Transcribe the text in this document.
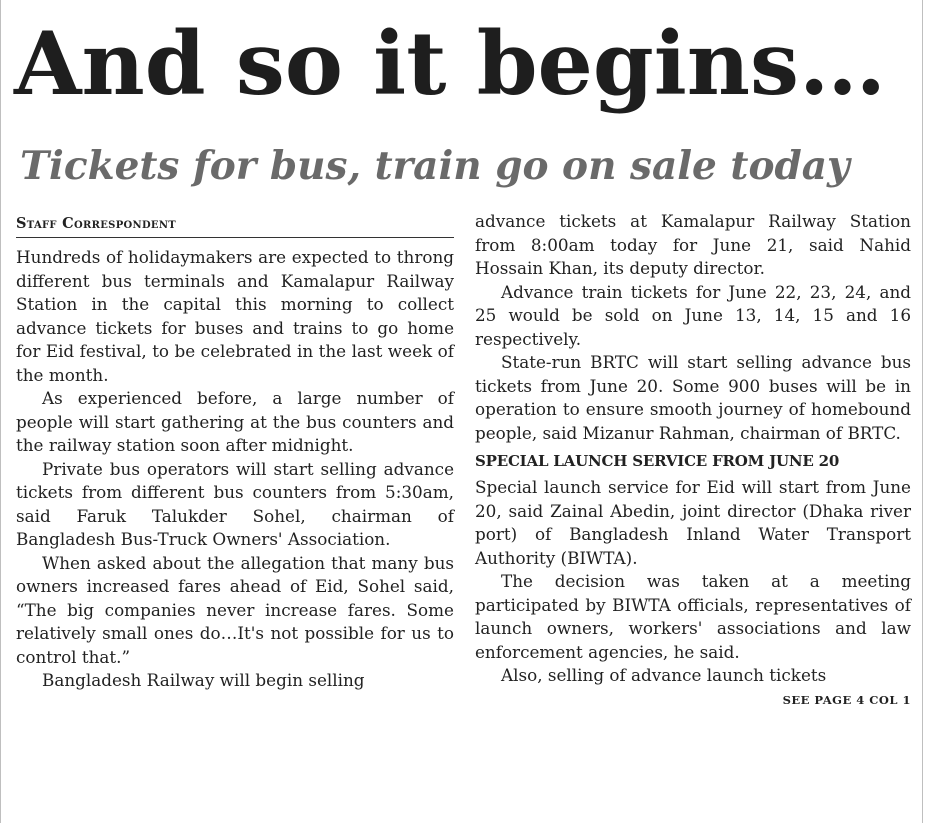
And so it begins…
Tickets for bus, train go on sale today
Staff Correspondent

Hundreds of holidaymakers are expected to throng different bus terminals and Kamalapur Railway Station in the capital this morning to collect advance tickets for buses and trains to go home for Eid festival, to be celebrated in the last week of the month.

As experienced before, a large number of people will start gathering at the bus counters and the railway station soon after midnight.

Private bus operators will start selling advance tickets from different bus counters from 5:30am, said Faruk Talukder Sohel, chairman of Bangladesh Bus-Truck Owners' Association.

When asked about the allegation that many bus owners increased fares ahead of Eid, Sohel said, “The big companies never increase fares. Some relatively small ones do…It's not possible for us to control that.”

Bangladesh Railway will begin selling

advance tickets at Kamalapur Railway Station from 8:00am today for June 21, said Nahid Hossain Khan, its deputy director.

Advance train tickets for June 22, 23, 24, and 25 would be sold on June 13, 14, 15 and 16 respectively.

State-run BRTC will start selling advance bus tickets from June 20. Some 900 buses will be in operation to ensure smooth journey of homebound people, said Mizanur Rahman, chairman of BRTC.

SPECIAL LAUNCH SERVICE FROM JUNE 20

Special launch service for Eid will start from June 20, said Zainal Abedin, joint director (Dhaka river port) of Bangladesh Inland Water Transport Authority (BIWTA).

The decision was taken at a meeting participated by BIWTA officials, representatives of launch owners, workers' associations and law enforcement agencies, he said.

Also, selling of advance launch tickets

SEE PAGE 4 COL 1
